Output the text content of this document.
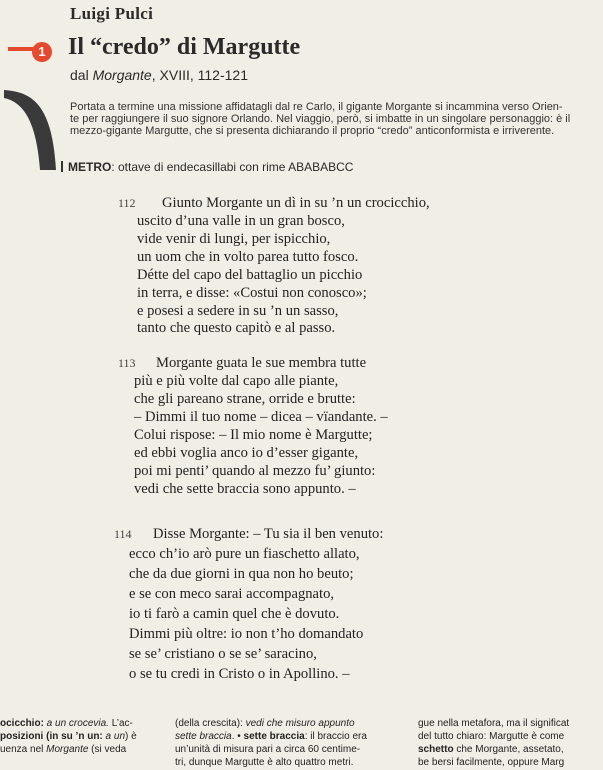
Luigi Pulci
1 Il “credo” di Margutte
dal Morgante, XVIII, 112-121
Portata a termine una missione affidatagli dal re Carlo, il gigante Morgante si incammina verso Orien-
te per raggiungere il suo signore Orlando. Nel viaggio, però, si imbatte in un singolare personaggio: è il
mezzo-gigante Margutte, che si presenta dichiarando il proprio “credo” anticonformista e irriverente.
METRO: ottave di endecasillabi con rime ABABABCC
112 Giunto Morgante un dì in su ’n un crocicchio,
uscito d’una valle in un gran bosco,
vide venir di lungi, per ispicchio,
un uom che in volto parea tutto fosco.
Détte del capo del battaglio un picchio
in terra, e disse: «Costui non conosco»;
e posesi a sedere in su ’n un sasso,
tanto che questo capitò e al passo.
113 Morgante guata le sue membra tutte
più e più volte dal capo alle piante,
che gli pareano strane, orride e brutte:
– Dimmi il tuo nome – dicea – vïandante. –
Colui rispose: – Il mio nome è Margutte;
ed ebbi voglia anco io d’esser gigante,
poi mi penti’ quando al mezzo fu’ giunto:
vedi che sette braccia sono appunto. –
114 Disse Morgante: – Tu sia il ben venuto:
ecco ch’io arò pure un fiaschetto allato,
che da due giorni in qua non ho beuto;
e se con meco sarai accompagnato,
io ti farò a camin quel che è dovuto.
Dimmi più oltre: io non t’ho domandato
se se’ cristiano o se se’ saracino,
o se tu credi in Cristo o in Apollino. –
ocicchio: a un crocevia. L’ac-
posizioni (in su ’n un: a un) è
uenza nel Morgante (si veda
(della crescita): vedi che misuro appunto
sette braccia. • sette braccia: il braccio era
un’unità di misura pari a circa 60 centime-
tri, dunque Margutte è alto quattro metri.
gue nella metafora, ma il significat
del tutto chiaro: Margutte è come
schetto che Morgante, assetato,
be bersi facilmente, oppure Marg
